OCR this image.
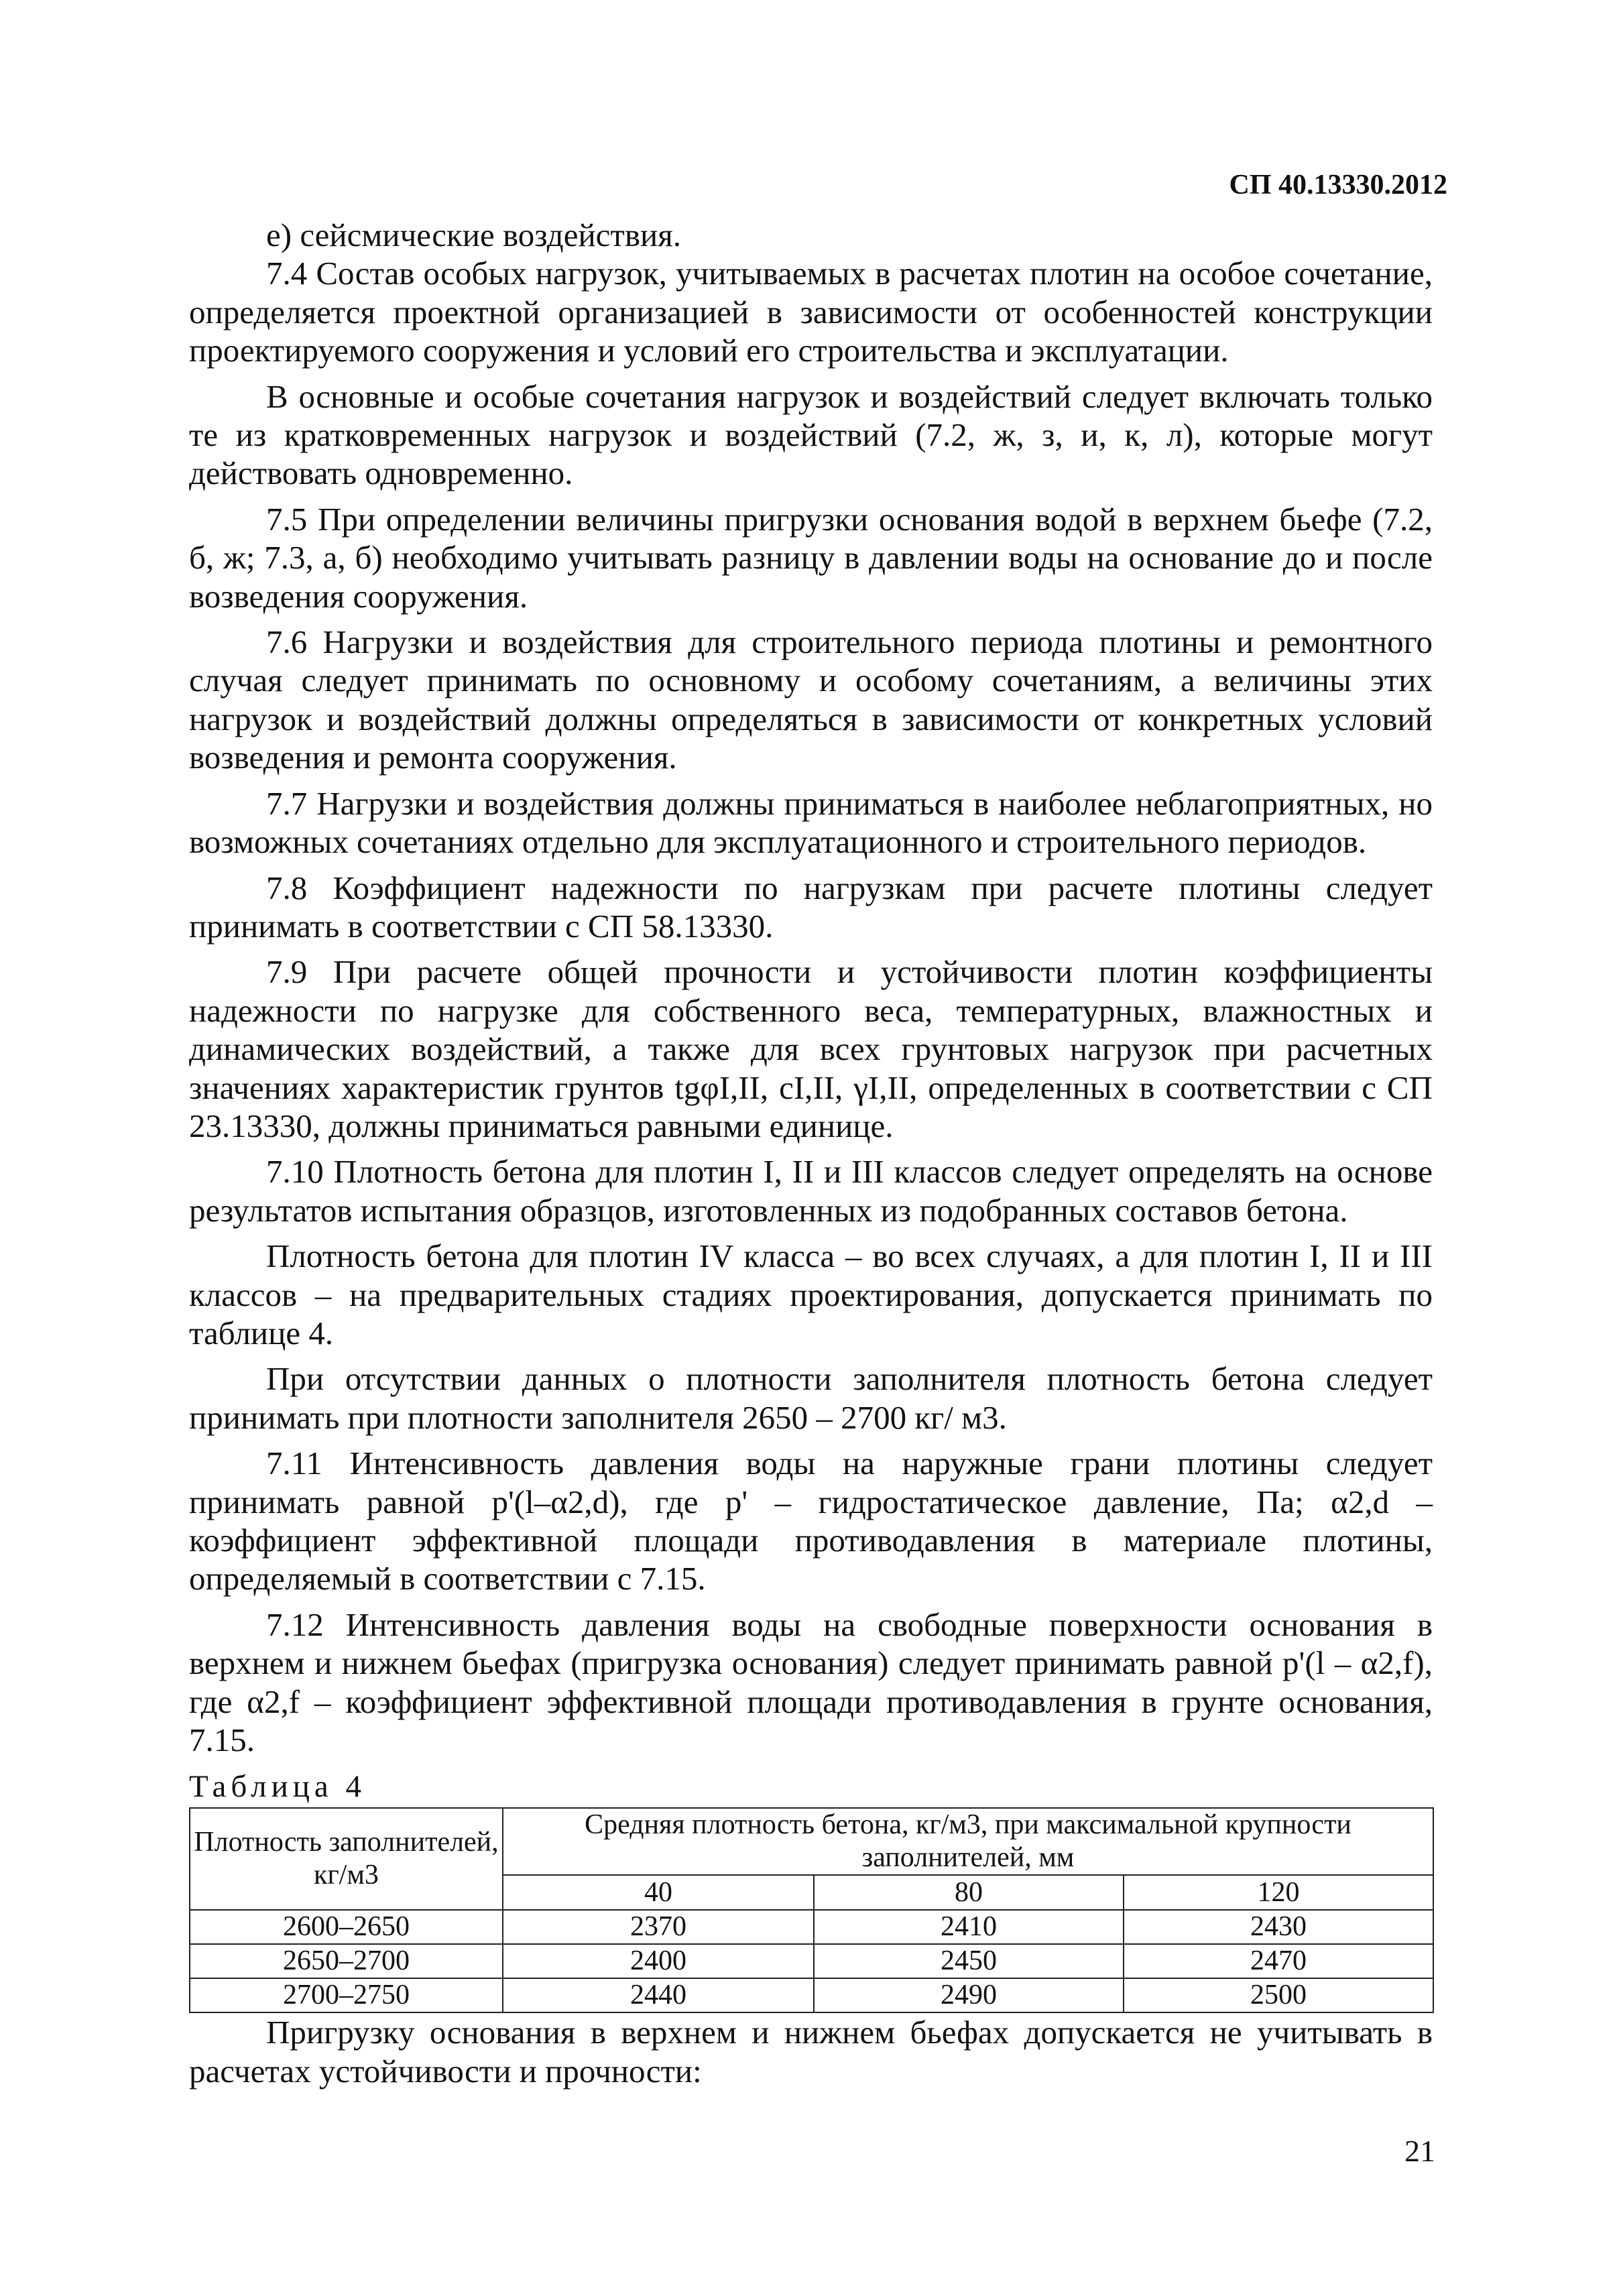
СП 40.13330.2012

е) сейсмические воздействия.

7.4 Состав особых нагрузок, учитываемых в расчетах плотин на особое сочетание, определяется проектной организацией в зависимости от особенностей конструкции проектируемого сооружения и условий его строительства и эксплуатации.

В основные и особые сочетания нагрузок и воздействий следует включать только те из кратковременных нагрузок и воздействий (7.2, ж, з, и, к, л), которые могут действовать одновременно.

7.5 При определении величины пригрузки основания водой в верхнем бьефе (7.2, б, ж; 7.3, а, б) необходимо учитывать разницу в давлении воды на основание до и после возведения сооружения.

7.6 Нагрузки и воздействия для строительного периода плотины и ремонтного случая следует принимать по основному и особому сочетаниям, а величины этих нагрузок и воздействий должны определяться в зависимости от конкретных условий возведения и ремонта сооружения.

7.7 Нагрузки и воздействия должны приниматься в наиболее неблагоприятных, но возможных сочетаниях отдельно для эксплуатационного и строительного периодов.

7.8 Коэффициент надежности по нагрузкам при расчете плотины следует принимать в соответствии с СП 58.13330.

7.9 При расчете общей прочности и устойчивости плотин коэффициенты надежности по нагрузке для собственного веса, температурных, влажностных и динамических воздействий, а также для всех грунтовых нагрузок при расчетных значениях характеристик грунтов tgφI,II, cI,II, γI,II, определенных в соответствии с СП 23.13330, должны приниматься равными единице.

7.10 Плотность бетона для плотин I, II и III классов следует определять на основе результатов испытания образцов, изготовленных из подобранных составов бетона.

Плотность бетона для плотин IV класса – во всех случаях, а для плотин I, II и III классов – на предварительных стадиях проектирования, допускается принимать по таблице 4.

При отсутствии данных о плотности заполнителя плотность бетона следует принимать при плотности заполнителя 2650 – 2700 кг/ м3.

7.11 Интенсивность давления воды на наружные грани плотины следует принимать равной p'(l–α2,d), где p' – гидростатическое давление, Па; α2,d – коэффициент эффективной площади противодавления в материале плотины, определяемый в соответствии с 7.15.

7.12 Интенсивность давления воды на свободные поверхности основания в верхнем и нижнем бьефах (пригрузка основания) следует принимать равной p'(l – α2,f), где α2,f – коэффициент эффективной площади противодавления в грунте основания, 7.15.

Таблица 4
Плотность заполнителей, кг/м3	Средняя плотность бетона, кг/м3, при максимальной крупности заполнителей, мм		
	40	80	120
2600–2650	2370	2410	2430
2650–2700	2400	2450	2470
2700–2750	2440	2490	2500

Пригрузку основания в верхнем и нижнем бьефах допускается не учитывать в расчетах устойчивости и прочности:

21
